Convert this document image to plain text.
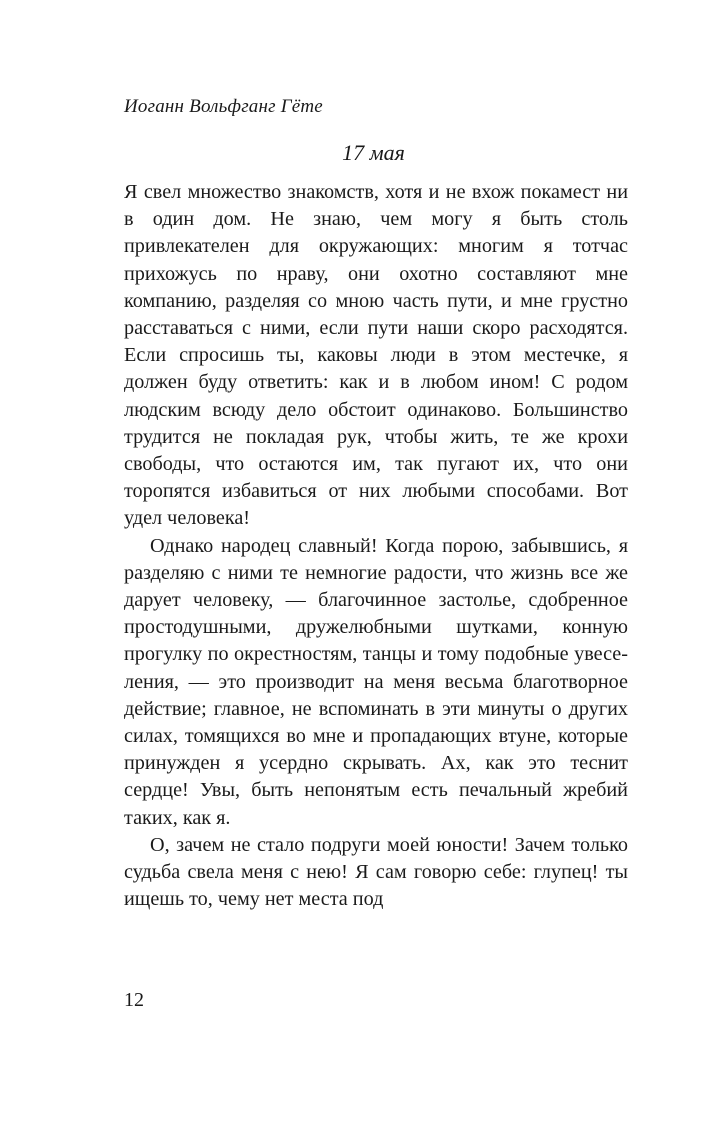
Иоганн Вольфганг Гёте
17 мая

Я свел множество знакомств, хотя и не вхож покамест ни в один дом. Не знаю, чем могу я быть столь привлекателен для окружающих: многим я тотчас прихожусь по нраву, они охотно составляют мне компанию, разделяя со мною часть пути, и мне грустно расставаться с ними, если пути наши скоро расходятся. Если спросишь ты, каковы люди в этом местечке, я должен буду ответить: как и в любом ином! С родом людским всюду дело обстоит одинаково. Большинство трудится не покладая рук, чтобы жить, те же крохи свободы, что остаются им, так пугают их, что они торопятся избавиться от них любыми способами. Вот удел человека!

Однако народец славный! Когда порою, забывшись, я разделяю с ними те немногие радости, что жизнь все же дарует человеку, — благочинное застолье, сдобренное простодушными, дружелюбными шутками, конную прогулку по окрестностям, танцы и тому подобные увеселения, — это производит на меня весьма благотворное действие; главное, не вспоминать в эти минуты о других силах, томящихся во мне и пропадающих втуне, которые принужден я усердно скрывать. Ах, как это теснит сердце! Увы, быть непонятым есть печальный жребий таких, как я.

О, зачем не стало подруги моей юности! Зачем только судьба свела меня с нею! Я сам говорю себе: глупец! ты ищешь то, чему нет места под

12
